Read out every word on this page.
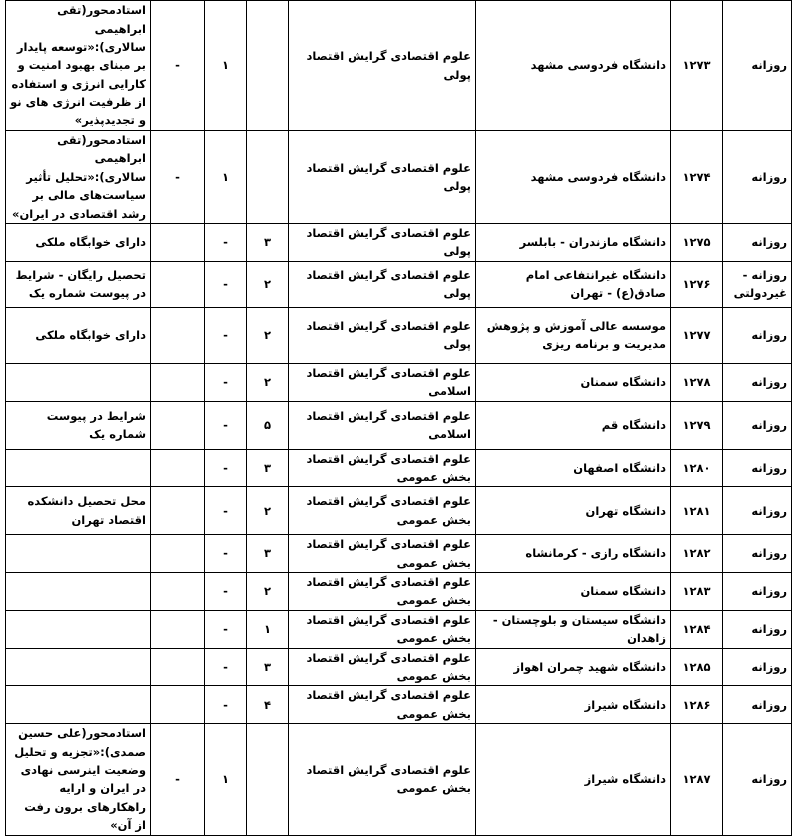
روزانه	۱۲۷۳	دانشگاه فردوسی مشهد	علوم اقتصادی گرایش اقتصاد پولی		۱	-	استادمحور(تقی ابراهیمی سالاری):«توسعه پایدار بر مبنای بهبود امنیت و کارایی انرژی و استفاده از ظرفیت انرژی های نو و تجدیدپذیر»
روزانه	۱۲۷۴	دانشگاه فردوسی مشهد	علوم اقتصادی گرایش اقتصاد پولی		۱	-	استادمحور(تقی ابراهیمی سالاری):«تحلیل تأثیر سیاست‌های مالی بر رشد اقتصادی در ایران»
روزانه	۱۲۷۵	دانشگاه مازندران - بابلسر	علوم اقتصادی گرایش اقتصاد پولی	۳	-		دارای خوابگاه ملکی
روزانه - غیردولتی	۱۲۷۶	دانشگاه غیرانتفاعی امام صادق(ع) - تهران	علوم اقتصادی گرایش اقتصاد پولی	۲	-		تحصیل رایگان - شرایط در پیوست شماره یک
روزانه	۱۲۷۷	موسسه عالی آموزش و پژوهش مدیریت و برنامه ریزی	علوم اقتصادی گرایش اقتصاد پولی	۲	-		دارای خوابگاه ملکی
روزانه	۱۲۷۸	دانشگاه سمنان	علوم اقتصادی گرایش اقتصاد اسلامی	۲	-		
روزانه	۱۲۷۹	دانشگاه قم	علوم اقتصادی گرایش اقتصاد اسلامی	۵	-		شرایط در پیوست شماره یک
روزانه	۱۲۸۰	دانشگاه اصفهان	علوم اقتصادی گرایش اقتصاد بخش عمومی	۳	-		
روزانه	۱۲۸۱	دانشگاه تهران	علوم اقتصادی گرایش اقتصاد بخش عمومی	۲	-		محل تحصیل دانشکده اقتصاد تهران
روزانه	۱۲۸۲	دانشگاه رازی - کرمانشاه	علوم اقتصادی گرایش اقتصاد بخش عمومی	۳	-		
روزانه	۱۲۸۳	دانشگاه سمنان	علوم اقتصادی گرایش اقتصاد بخش عمومی	۲	-		
روزانه	۱۲۸۴	دانشگاه سیستان و بلوچستان - زاهدان	علوم اقتصادی گرایش اقتصاد بخش عمومی	۱	-		
روزانه	۱۲۸۵	دانشگاه شهید چمران اهواز	علوم اقتصادی گرایش اقتصاد بخش عمومی	۳	-		
روزانه	۱۲۸۶	دانشگاه شیراز	علوم اقتصادی گرایش اقتصاد بخش عمومی	۴	-		
روزانه	۱۲۸۷	دانشگاه شیراز	علوم اقتصادی گرایش اقتصاد بخش عمومی		۱	-	استادمحور(علی حسین صمدی):«تجزیه و تحلیل وضعیت اینرسی نهادی در ایران و ارایه راهکارهای برون رفت از آن»
